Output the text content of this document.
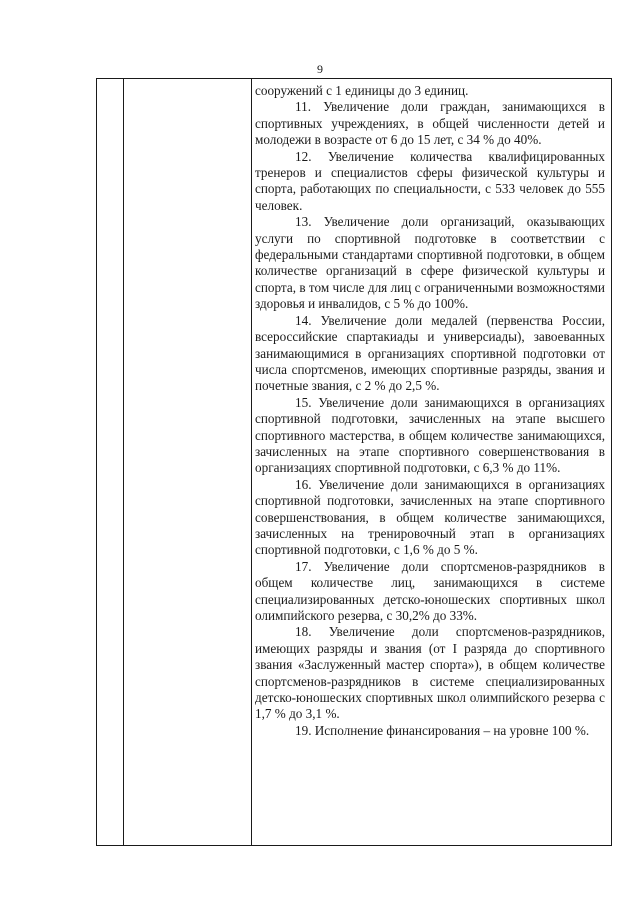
9

сооружений с 1 единицы до 3 единиц.

11. Увеличение доли граждан, занимающихся в спортивных учреждениях, в общей численности детей и молодежи в возрасте от 6 до 15 лет, с 34 % до 40%.

12. Увеличение количества квалифицированных тренеров и специалистов сферы физической культуры и спорта, работающих по специальности, с 533 человек до 555 человек.

13. Увеличение доли организаций, оказывающих услуги по спортивной подготовке в соответствии с федеральными стандартами спортивной подготовки, в общем количестве организаций в сфере физической культуры и спорта, в том числе для лиц с ограниченными возможностями здоровья и инвалидов, с 5 % до 100%.

14. Увеличение доли медалей (первенства России, всероссийские спартакиады и универсиады), завоеванных занимающимися в организациях спортивной подготовки от числа спортсменов, имеющих спортивные разряды, звания и почетные звания, с 2 % до 2,5 %.

15. Увеличение доли занимающихся в организациях спортивной подготовки, зачисленных на этапе высшего спортивного мастерства, в общем количестве занимающихся, зачисленных на этапе спортивного совершенствования в организациях спортивной подготовки, с 6,3 % до 11%.

16. Увеличение доли занимающихся в организациях спортивной подготовки, зачисленных на этапе спортивного совершенствования, в общем количестве занимающихся, зачисленных на тренировочный этап в организациях спортивной подготовки, с 1,6 % до 5 %.

17. Увеличение доли спортсменов-разрядников в общем количестве лиц, занимающихся в системе специализированных детско-юношеских спортивных школ олимпийского резерва, с 30,2% до 33%.

18. Увеличение доли спортсменов-разрядников, имеющих разряды и звания (от I разряда до спортивного звания «Заслуженный мастер спорта»), в общем количестве спортсменов-разрядников в системе специализированных детско-юношеских спортивных школ олимпийского резерва с 1,7 % до 3,1 %.

19. Исполнение финансирования – на уровне 100 %.
